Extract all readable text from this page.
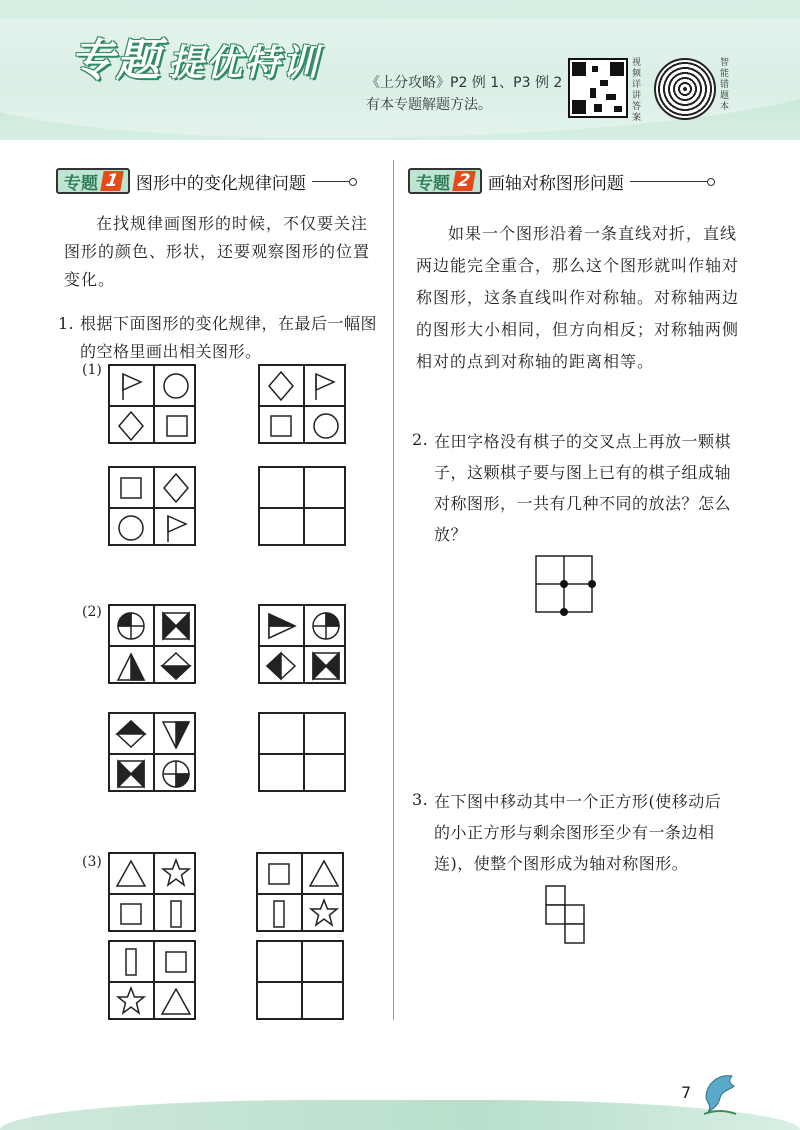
专题 提优特训	《上分攻略》P2 例 1、P3 例 2 有本专题解题方法。
视频详讲答案
智能错题本
专题 1 图形中的变化规律问题
在找规律画图形的时候，不仅要关注图形的颜色、形状，还要观察图形的位置变化。
1. 根据下面图形的变化规律，在最后一幅图的空格里画出相关图形。
(1)
(2)
(3)
专题 2 画轴对称图形问题
如果一个图形沿着一条直线对折，直线两边能完全重合，那么这个图形就叫作轴对称图形，这条直线叫作对称轴。对称轴两边的图形大小相同，但方向相反；对称轴两侧相对的点到对称轴的距离相等。
2. 在田字格没有棋子的交叉点上再放一颗棋子，这颗棋子要与图上已有的棋子组成轴对称图形，一共有几种不同的放法？怎么放？
3. 在下图中移动其中一个正方形(使移动后的小正方形与剩余图形至少有一条边相连)，使整个图形成为轴对称图形。
7
